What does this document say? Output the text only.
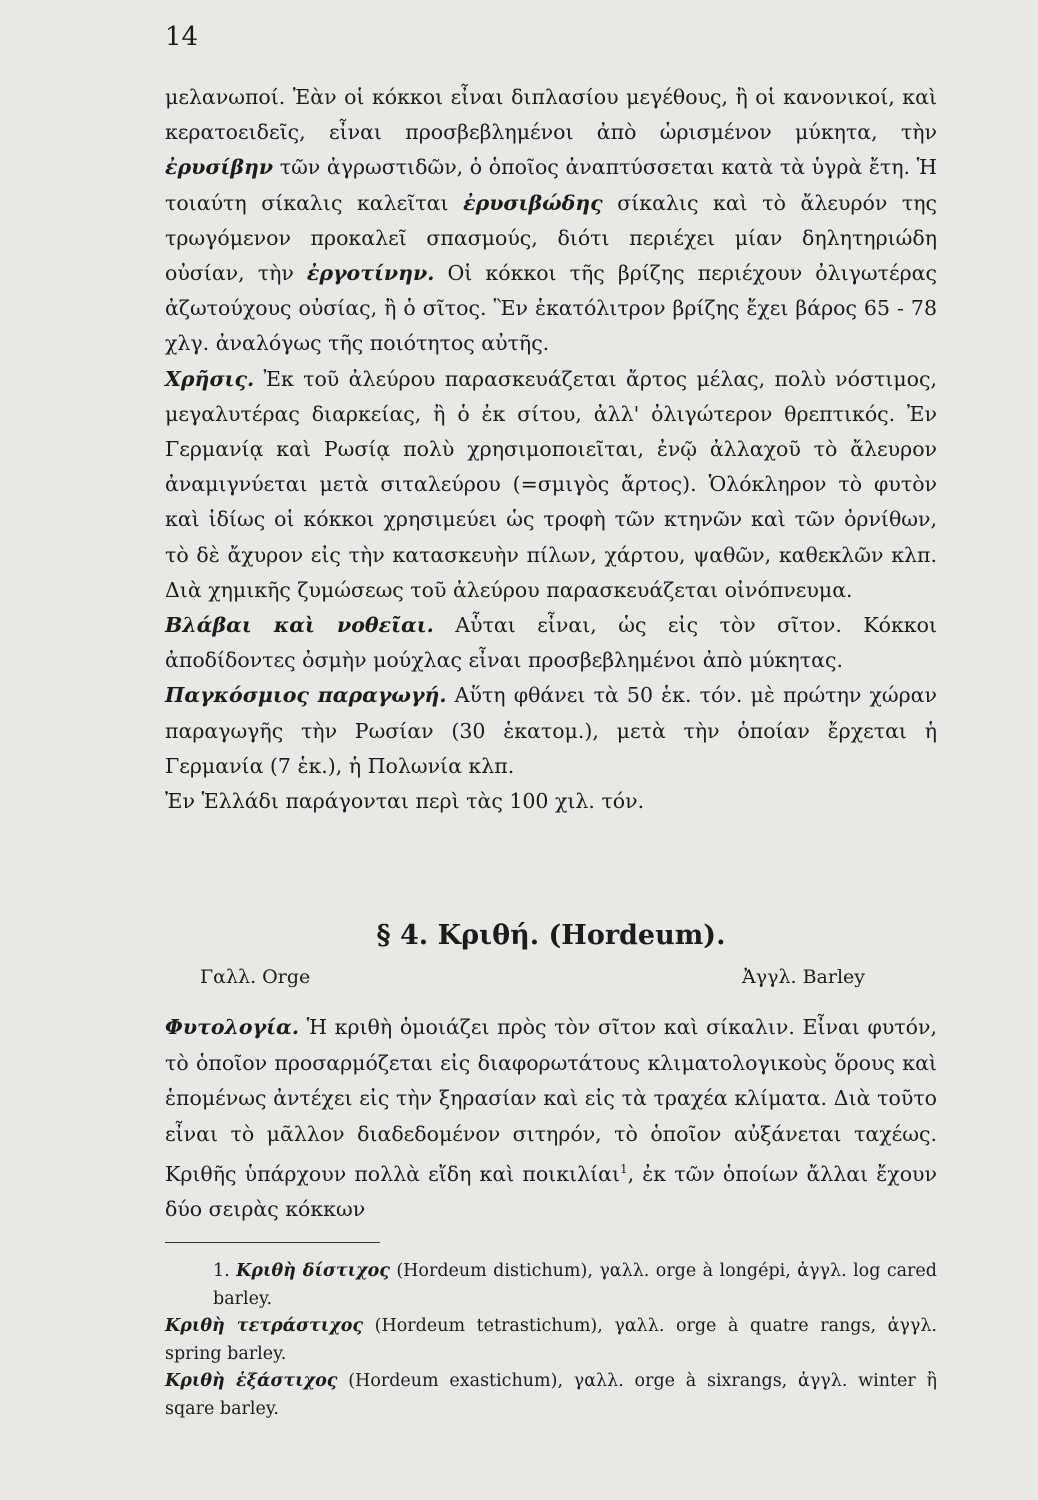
14

μελανωποί. Ἐὰν οἱ κόκκοι εἶναι διπλασίου μεγέθους, ἢ οἱ κανονικοί, καὶ κερατοειδεῖς, εἶναι προσβεβλημένοι ἀπὸ ὡρισμένον μύκητα, τὴν ἐρυσίβην τῶν ἀγρωστιδῶν, ὁ ὁποῖος ἀναπτύσσεται κατὰ τὰ ὑγρὰ ἔτη. Ἡ τοιαύτη σίκαλις καλεῖται ἐρυσιβώδης σίκαλις καὶ τὸ ἄλευρόν της τρωγόμενον προκαλεῖ σπασμούς, διότι περιέχει μίαν δηλητηριώδη οὐσίαν, τὴν ἐργοτίνην. Οἱ κόκκοι τῆς βρίζης περιέχουν ὀλιγωτέρας ἀζωτούχους οὐσίας, ἢ ὁ σῖτος. Ἓν ἑκατόλιτρον βρίζης ἔχει βάρος 65 - 78 χλγ. ἀναλόγως τῆς ποιότητος αὐτῆς.

Χρῆσις. Ἐκ τοῦ ἀλεύρου παρασκευάζεται ἄρτος μέλας, πολὺ νόστιμος, μεγαλυτέρας διαρκείας, ἢ ὁ ἐκ σίτου, ἀλλ' ὀλιγώτερον θρεπτικός. Ἐν Γερμανίᾳ καὶ Ρωσίᾳ πολὺ χρησιμοποιεῖται, ἐνῷ ἀλλαχοῦ τὸ ἄλευρον ἀναμιγνύεται μετὰ σιταλεύρου (=σμιγὸς ἄρτος). Ὁλόκληρον τὸ φυτὸν καὶ ἰδίως οἱ κόκκοι χρησιμεύει ὡς τροφὴ τῶν κτηνῶν καὶ τῶν ὀρνίθων, τὸ δὲ ἄχυρον εἰς τὴν κατασκευὴν πίλων, χάρτου, ψαθῶν, καθεκλῶν κλπ. Διὰ χημικῆς ζυμώσεως τοῦ ἀλεύρου παρασκευάζεται οἰνόπνευμα.

Βλάβαι καὶ νοθεῖαι. Αὗται εἶναι, ὡς εἰς τὸν σῖτον. Κόκκοι ἀποδίδοντες ὀσμὴν μούχλας εἶναι προσβεβλημένοι ἀπὸ μύκητας.

Παγκόσμιος παραγωγή. Αὕτη φθάνει τὰ 50 ἑκ. τόν. μὲ πρώτην χώραν παραγωγῆς τὴν Ρωσίαν (30 ἑκατομ.), μετὰ τὴν ὁποίαν ἔρχεται ἡ Γερμανία (7 ἑκ.), ἡ Πολωνία κλπ.

Ἐν Ἑλλάδι παράγονται περὶ τὰς 100 χιλ. τόν.

§ 4. Κριθή. (Hordeum).
Γαλλ. Orge	Ἀγγλ. Barley

Φυτολογία. Ἡ κριθὴ ὁμοιάζει πρὸς τὸν σῖτον καὶ σίκαλιν. Εἶναι φυτόν, τὸ ὁποῖον προσαρμόζεται εἰς διαφορωτάτους κλιματολογικοὺς ὅρους καὶ ἑπομένως ἀντέχει εἰς τὴν ξηρασίαν καὶ εἰς τὰ τραχέα κλίματα. Διὰ τοῦτο εἶναι τὸ μᾶλλον διαδεδομένον σιτηρόν, τὸ ὁποῖον αὐξάνεται ταχέως. Κριθῆς ὑπάρχουν πολλὰ εἴδη καὶ ποικιλίαι$^1$, ἐκ τῶν ὁποίων ἄλλαι ἔχουν δύο σειρὰς κόκκων

1. Κριθὴ δίστιχος (Hordeum distichum), γαλλ. orge à longépi, ἀγγλ. log cared barley.

Κριθὴ τετράστιχος (Hordeum tetrastichum), γαλλ. orge à quatre rangs, ἀγγλ. spring barley.

Κριθὴ ἑξάστιχος (Hordeum exastichum), γαλλ. orge à sixrangs, ἀγγλ. winter ἢ sqare barley.
